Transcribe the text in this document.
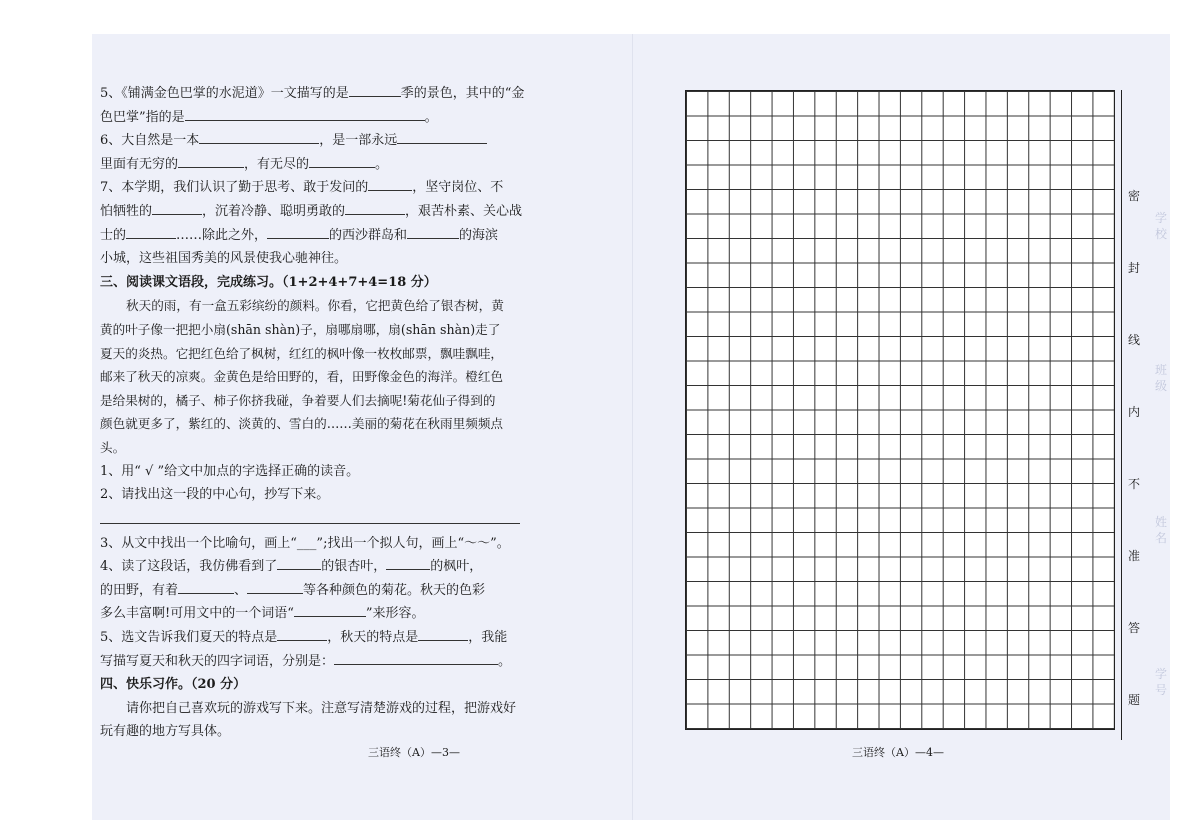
5、《铺满金色巴掌的水泥道》一文描写的是	季的景色，其中的“金
色巴掌”指的是	。
6、大自然是一本	，是一部永远
里面有无穷的	，有无尽的	。
7、本学期，我们认识了勤于思考、敢于发问的	，坚守岗位、不
怕牺牲的	，沉着冷静、聪明勇敢的	，艰苦朴素、关心战
士的	……除此之外，	的西沙群岛和	的海滨
小城，这些祖国秀美的风景使我心驰神往。
三、阅读课文语段，完成练习。（1+2+4+7+4=18 分）
秋天的雨，有一盒五彩缤纷的颜料。你看，它把黄色给了银杏树，黄
黄的叶子像一把把小扇(shān shàn)子，扇哪扇哪，扇(shān shàn)走了
夏天的炎热。它把红色给了枫树，红红的枫叶像一枚枚邮票，飘哇飘哇，
邮来了秋天的凉爽。金黄色是给田野的，看，田野像金色的海洋。橙红色
是给果树的，橘子、柿子你挤我碰，争着要人们去摘呢!菊花仙子得到的
颜色就更多了，紫红的、淡黄的、雪白的……美丽的菊花在秋雨里频频点
头。
1、用“ √ ”给文中加点的字选择正确的读音。
2、请找出这一段的中心句，抄写下来。
3、从文中找出一个比喻句，画上“___”;找出一个拟人句，画上“～～”。
4、读了这段话，我仿佛看到了	的银杏叶，	的枫叶，
的田野，有着	、	等各种颜色的菊花。秋天的色彩
多么丰富啊!可用文中的一个词语“	”来形容。
5、选文告诉我们夏天的特点是	，秋天的特点是	，我能
写描写夏天和秋天的四字词语，分别是：	。
四、快乐习作。（20 分）
请你把自己喜欢玩的游戏写下来。注意写清楚游戏的过程，把游戏好
玩有趣的地方写具体。
三语终（A）—3—
密
封
线
内
不
准
答
题
学校
班级
姓名
学号
三语终（A）—4—
